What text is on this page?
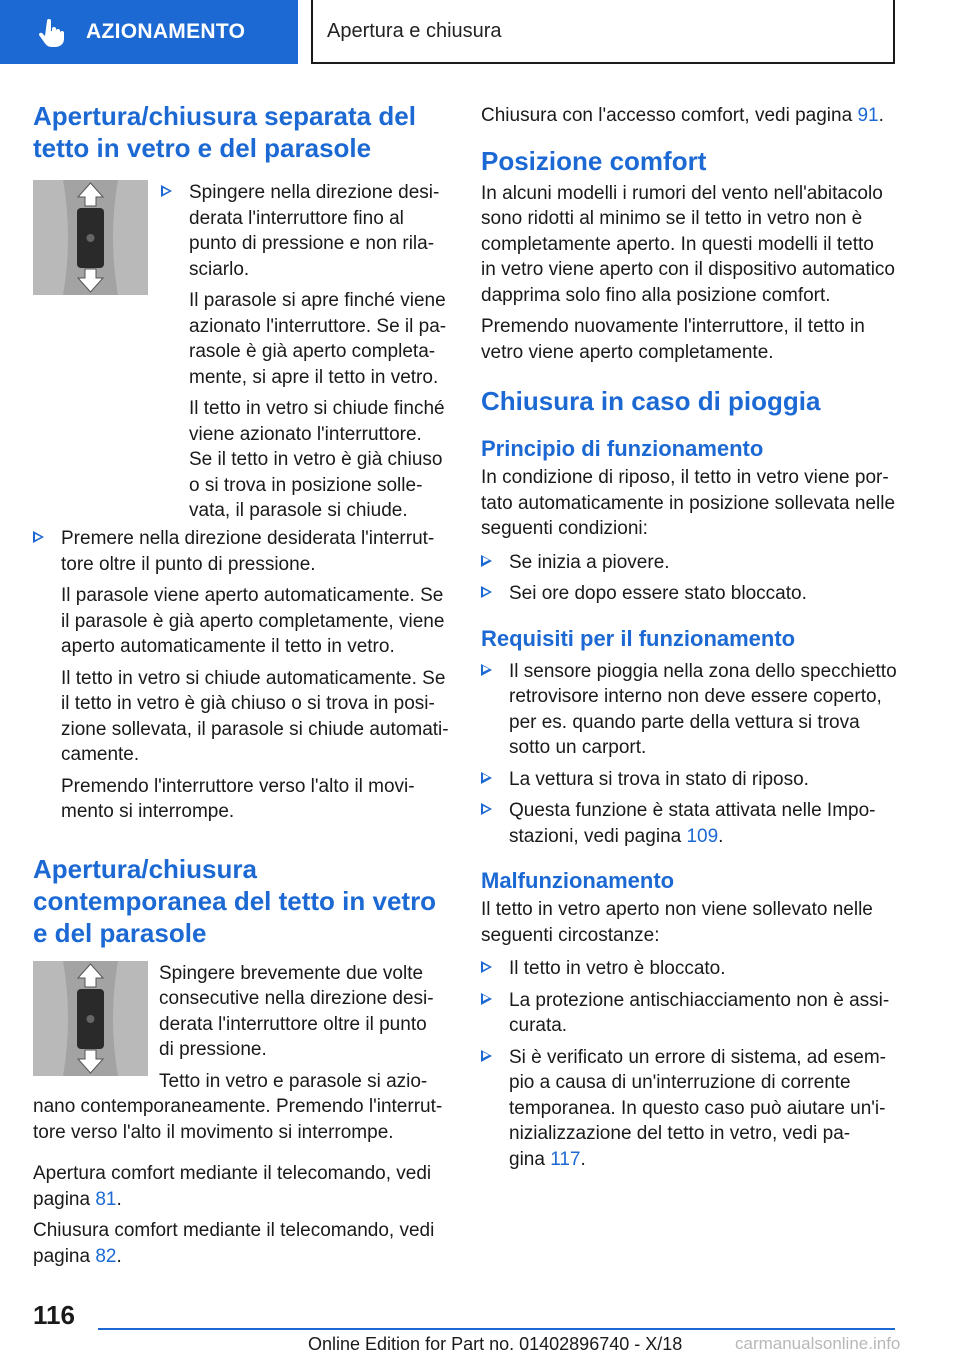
AZIONAMENTO	Apertura e chiusura
Apertura/chiusura separata del tetto in vetro e del parasole

Spingere nella direzione desi-

derata l'interruttore fino al

punto di pressione e non rila-

sciarlo.

Il parasole si apre finché viene

azionato l'interruttore. Se il pa-

rasole è già aperto completa-

mente, si apre il tetto in vetro.

Il tetto in vetro si chiude finché

viene azionato l'interruttore.

Se il tetto in vetro è già chiuso

o si trova in posizione solle-

vata, il parasole si chiude.

Premere nella direzione desiderata l'interrut-

tore oltre il punto di pressione.

Il parasole viene aperto automaticamente. Se

il parasole è già aperto completamente, viene

aperto automaticamente il tetto in vetro.

Il tetto in vetro si chiude automaticamente. Se

il tetto in vetro è già chiuso o si trova in posi-

zione sollevata, il parasole si chiude automati-

camente.

Premendo l'interruttore verso l'alto il movi-

mento si interrompe.

Apertura/chiusura
contemporanea del tetto in vetro
e del parasole

Spingere brevemente due volte

consecutive nella direzione desi-

derata l'interruttore oltre il punto

di pressione.

Tetto in vetro e parasole si azio-

nano contemporaneamente. Premendo l'interrut-

tore verso l'alto il movimento si interrompe.

Apertura comfort mediante il telecomando, vedi

pagina 81.

Chiusura comfort mediante il telecomando, vedi

pagina 82.

Chiusura con l'accesso comfort, vedi pagina 91.

Posizione comfort

In alcuni modelli i rumori del vento nell'abitacolo

sono ridotti al minimo se il tetto in vetro non è

completamente aperto. In questi modelli il tetto

in vetro viene aperto con il dispositivo automatico

dapprima solo fino alla posizione comfort.

Premendo nuovamente l'interruttore, il tetto in

vetro viene aperto completamente.

Chiusura in caso di pioggia
Principio di funzionamento

In condizione di riposo, il tetto in vetro viene por-

tato automaticamente in posizione sollevata nelle

seguenti condizioni:

Se inizia a piovere.

Sei ore dopo essere stato bloccato.

Requisiti per il funzionamento

Il sensore pioggia nella zona dello specchietto

retrovisore interno non deve essere coperto,

per es. quando parte della vettura si trova

sotto un carport.

La vettura si trova in stato di riposo.

Questa funzione è stata attivata nelle Impo-

stazioni, vedi pagina 109.

Malfunzionamento

Il tetto in vetro aperto non viene sollevato nelle

seguenti circostanze:

Il tetto in vetro è bloccato.

La protezione antischiacciamento non è assi-

curata.

Si è verificato un errore di sistema, ad esem-

pio a causa di un'interruzione di corrente

temporanea. In questo caso può aiutare un'i-

nizializzazione del tetto in vetro, vedi pa-

gina 117.

116
Online Edition for Part no. 01402896740 - X/18	carmanualsonline.info
